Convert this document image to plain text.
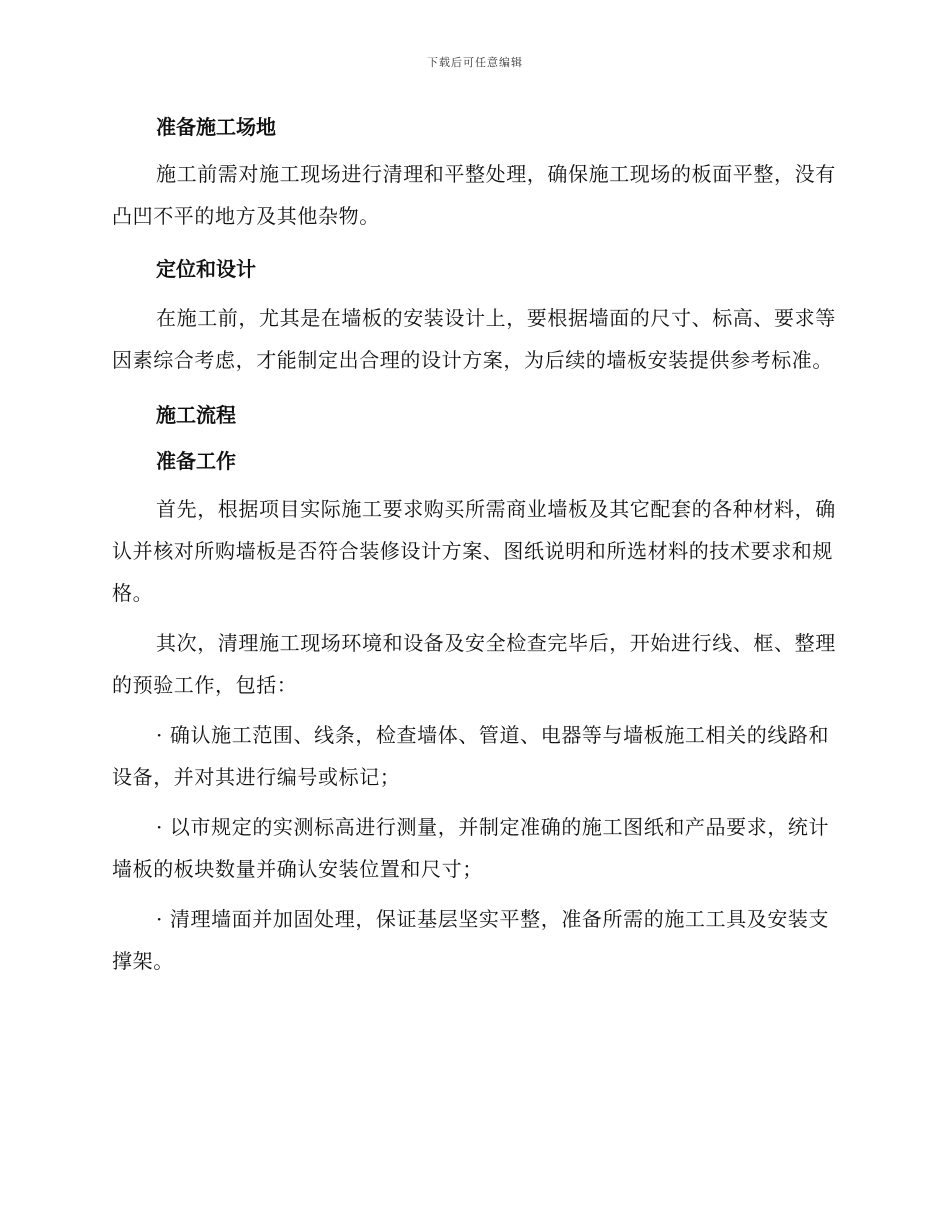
下载后可任意编辑
准备施工场地

施工前需对施工现场进行清理和平整处理，确保施工现场的板面平整，没有凸凹不平的地方及其他杂物。

定位和设计

在施工前，尤其是在墙板的安装设计上，要根据墙面的尺寸、标高、要求等因素综合考虑，才能制定出合理的设计方案，为后续的墙板安装提供参考标准。

施工流程
准备工作

首先，根据项目实际施工要求购买所需商业墙板及其它配套的各种材料，确认并核对所购墙板是否符合装修设计方案、图纸说明和所选材料的技术要求和规格。

其次，清理施工现场环境和设备及安全检查完毕后，开始进行线、框、整理的预验工作，包括：

· 确认施工范围、线条，检查墙体、管道、电器等与墙板施工相关的线路和设备，并对其进行编号或标记；

· 以市规定的实测标高进行测量，并制定准确的施工图纸和产品要求，统计墙板的板块数量并确认安装位置和尺寸；

· 清理墙面并加固处理，保证基层坚实平整，准备所需的施工工具及安装支撑架。
